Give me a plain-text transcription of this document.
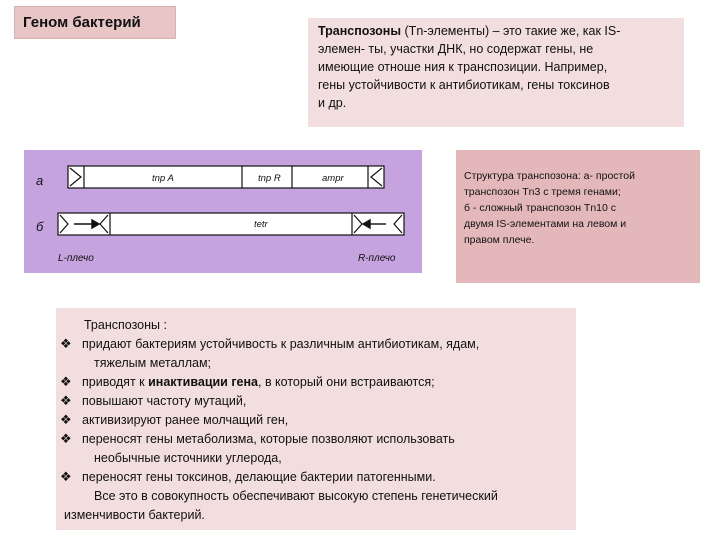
Геном бактерий	Транспозоны (Tn-элементы) – это такие же, как IS-
элемен- ты, участки ДНК, но содержат гены, не
имеющие отноше ния к транспозиции. Например,
гены устойчивости к антибиотикам, гены токсинов
и др.
а	tnp A	tnp R	ampr
б	tetr
L-плечо	R-плечо
Структура транспозона: а- простой
транспозон Tn3 с тремя генами;
б - сложный транспозон Tn10 с
двумя IS-элементами на левом и
правом плече.
Транспозоны :
❖ придают бактериям устойчивость к различным антибиотикам, ядам,
тяжелым металлам;
❖ приводят к инактивации гена, в который они встраиваются;
❖ повышают частоту мутаций,
❖ активизируют ранее молчащий ген,
❖ переносят гены метаболизма, которые позволяют использовать
необычные источники углерода,
❖ переносят гены токсинов, делающие бактерии патогенными.
Все это в совокупность обеспечивают высокую степень генетический
изменчивости бактерий.
